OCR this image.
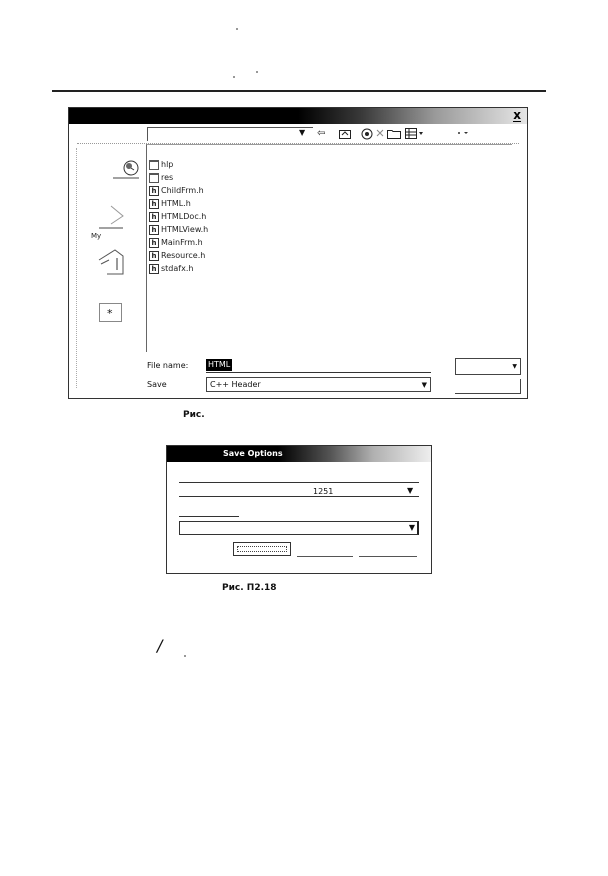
x
▼ ⇦
My
*
hlp
res
h ChildFrm.h
h HTML.h
h HTMLDoc.h
h HTMLView.h
h MainFrm.h
h Resource.h
h stdafx.h
File name: HTML
Save	C++ Header	▼
▼
Рис.
Save Options
1251	▼
▼
Рис. П2.18
/
